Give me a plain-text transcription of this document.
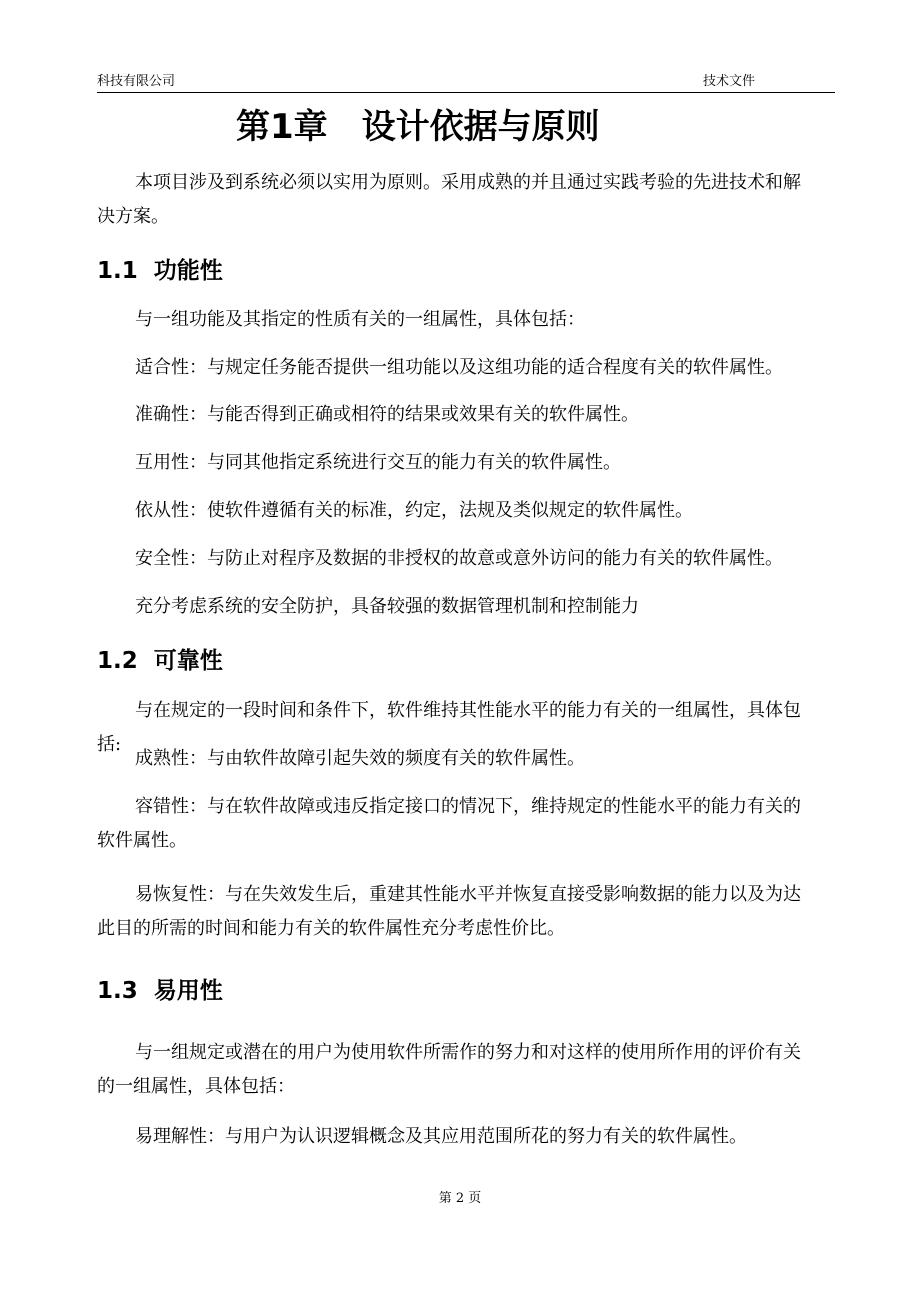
科技有限公司	技术文件
第1章　设计依据与原则

本项目涉及到系统必须以实用为原则。采用成熟的并且通过实践考验的先进技术和解决方案。

1.1  功能性

与一组功能及其指定的性质有关的一组属性，具体包括：

适合性：与规定任务能否提供一组功能以及这组功能的适合程度有关的软件属性。

准确性：与能否得到正确或相符的结果或效果有关的软件属性。

互用性：与同其他指定系统进行交互的能力有关的软件属性。

依从性：使软件遵循有关的标准，约定，法规及类似规定的软件属性。

安全性：与防止对程序及数据的非授权的故意或意外访问的能力有关的软件属性。

充分考虑系统的安全防护，具备较强的数据管理机制和控制能力

1.2  可靠性

与在规定的一段时间和条件下，软件维持其性能水平的能力有关的一组属性，具体包括:

成熟性：与由软件故障引起失效的频度有关的软件属性。

容错性：与在软件故障或违反指定接口的情况下，维持规定的性能水平的能力有关的软件属性。

易恢复性：与在失效发生后，重建其性能水平并恢复直接受影响数据的能力以及为达此目的所需的时间和能力有关的软件属性充分考虑性价比。

1.3  易用性

与一组规定或潜在的用户为使用软件所需作的努力和对这样的使用所作用的评价有关的一组属性，具体包括：

易理解性：与用户为认识逻辑概念及其应用范围所花的努力有关的软件属性。

第 2 页
